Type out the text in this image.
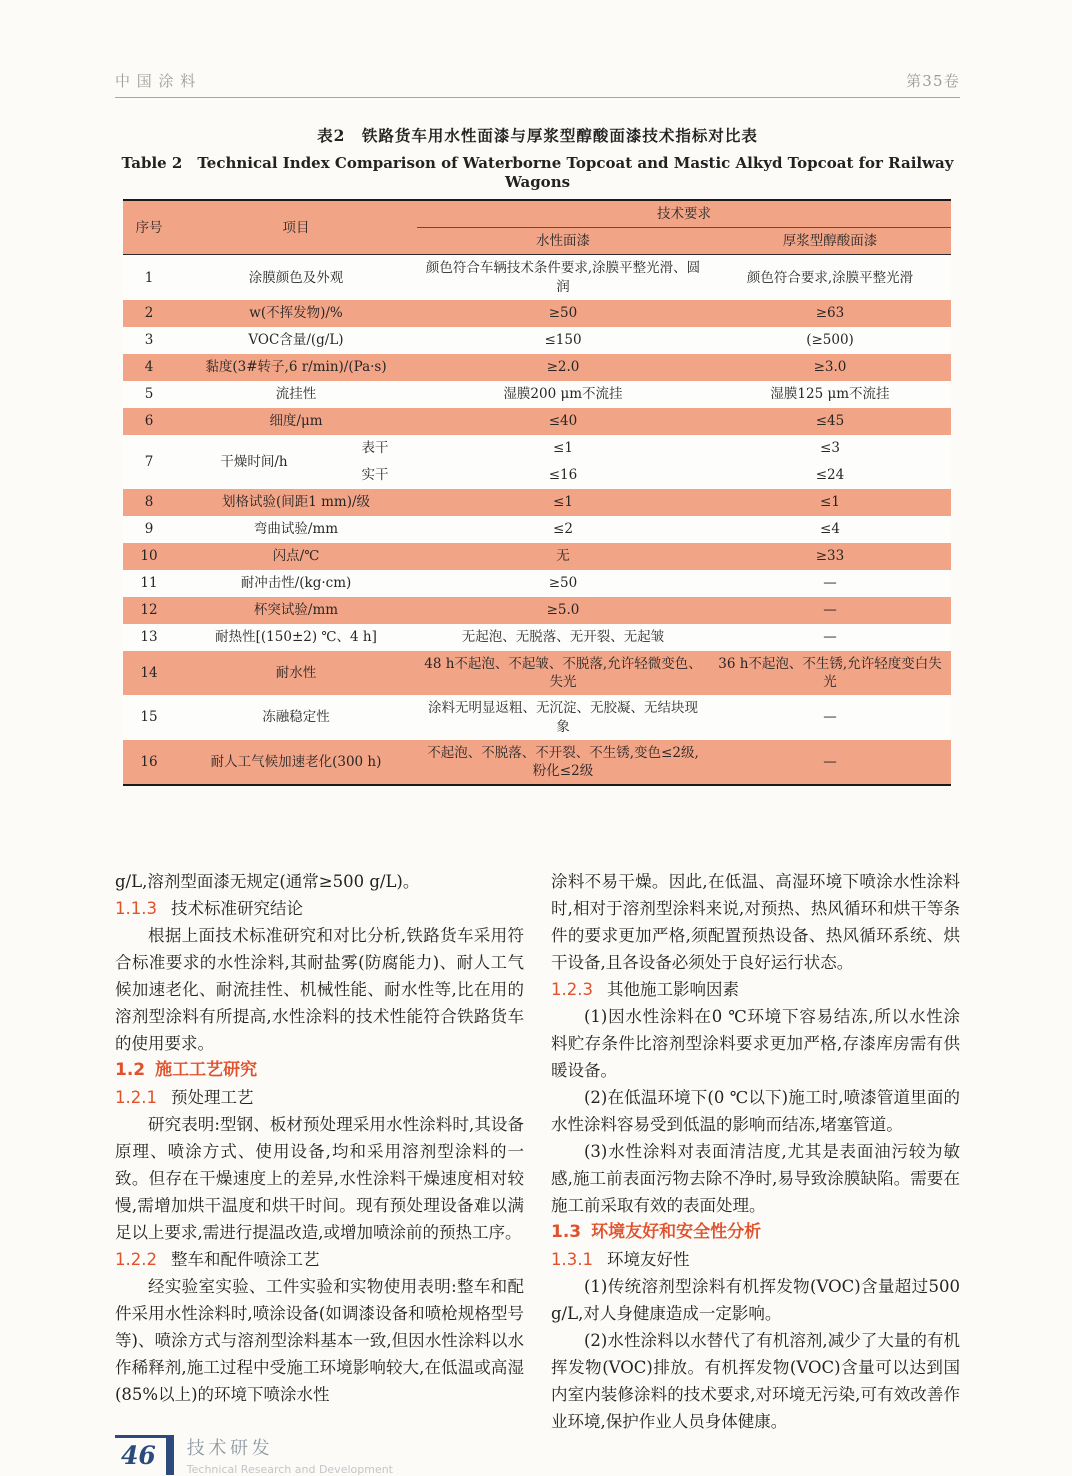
中国涂料	第35卷
表2　铁路货车用水性面漆与厚浆型醇酸面漆技术指标对比表
Table 2　Technical Index Comparison of Waterborne Topcoat and Mastic Alkyd Topcoat for Railway Wagons
序号	项目		技术要求	
			水性面漆	厚浆型醇酸面漆
1	涂膜颜色及外观		颜色符合车辆技术条件要求,涂膜平整光滑、圆润	颜色符合要求,涂膜平整光滑
2	w(不挥发物)/%		≥50	≥63
3	VOC含量/(g/L)		≤150	(≥500)
4	黏度(3#转子,6 r/min)/(Pa·s)		≥2.0	≥3.0
5	流挂性		湿膜200 μm不流挂	湿膜125 μm不流挂
6	细度/μm		≤40	≤45
7	干燥时间/h	表干	≤1	≤3
		实干	≤16	≤24
8	划格试验(间距1 mm)/级		≤1	≤1
9	弯曲试验/mm		≤2	≤4
10	闪点/℃		无	≥33
11	耐冲击性/(kg·cm)		≥50	—
12	杯突试验/mm		≥5.0	—
13	耐热性[(150±2) ℃、4 h]		无起泡、无脱落、无开裂、无起皱	—
14	耐水性		48 h不起泡、不起皱、不脱落,允许轻微变色、失光	36 h不起泡、不生锈,允许轻度变白失光
15	冻融稳定性		涂料无明显返粗、无沉淀、无胶凝、无结块现象	—
16	耐人工气候加速老化(300 h)		不起泡、不脱落、不开裂、不生锈,变色≤2级,粉化≤2级	—

g/L,溶剂型面漆无规定(通常≥500 g/L)。

1.1.3 技术标准研究结论

根据上面技术标准研究和对比分析,铁路货车采用符合标准要求的水性涂料,其耐盐雾(防腐能力)、耐人工气候加速老化、耐流挂性、机械性能、耐水性等,比在用的溶剂型涂料有所提高,水性涂料的技术性能符合铁路货车的使用要求。

1.2 施工工艺研究
1.2.1 预处理工艺

研究表明:型钢、板材预处理采用水性涂料时,其设备原理、喷涂方式、使用设备,均和采用溶剂型涂料的一致。但存在干燥速度上的差异,水性涂料干燥速度相对较慢,需增加烘干温度和烘干时间。现有预处理设备难以满足以上要求,需进行提温改造,或增加喷涂前的预热工序。

1.2.2 整车和配件喷涂工艺

经实验室实验、工件实验和实物使用表明:整车和配件采用水性涂料时,喷涂设备(如调漆设备和喷枪规格型号等)、喷涂方式与溶剂型涂料基本一致,但因水性涂料以水作稀释剂,施工过程中受施工环境影响较大,在低温或高湿(85%以上)的环境下喷涂水性

涂料不易干燥。因此,在低温、高湿环境下喷涂水性涂料时,相对于溶剂型涂料来说,对预热、热风循环和烘干等条件的要求更加严格,须配置预热设备、热风循环系统、烘干设备,且各设备必须处于良好运行状态。

1.2.3 其他施工影响因素

(1)因水性涂料在0 ℃环境下容易结冻,所以水性涂料贮存条件比溶剂型涂料要求更加严格,存漆库房需有供暖设备。

(2)在低温环境下(0 ℃以下)施工时,喷漆管道里面的水性涂料容易受到低温的影响而结冻,堵塞管道。

(3)水性涂料对表面清洁度,尤其是表面油污较为敏感,施工前表面污物去除不净时,易导致涂膜缺陷。需要在施工前采取有效的表面处理。

1.3 环境友好和安全性分析
1.3.1 环境友好性

(1)传统溶剂型涂料有机挥发物(VOC)含量超过500 g/L,对人身健康造成一定影响。

(2)水性涂料以水替代了有机溶剂,减少了大量的有机挥发物(VOC)排放。有机挥发物(VOC)含量可以达到国内室内装修涂料的技术要求,对环境无污染,可有效改善作业环境,保护作业人员身体健康。

46	技术研发
Technical Research and Development
